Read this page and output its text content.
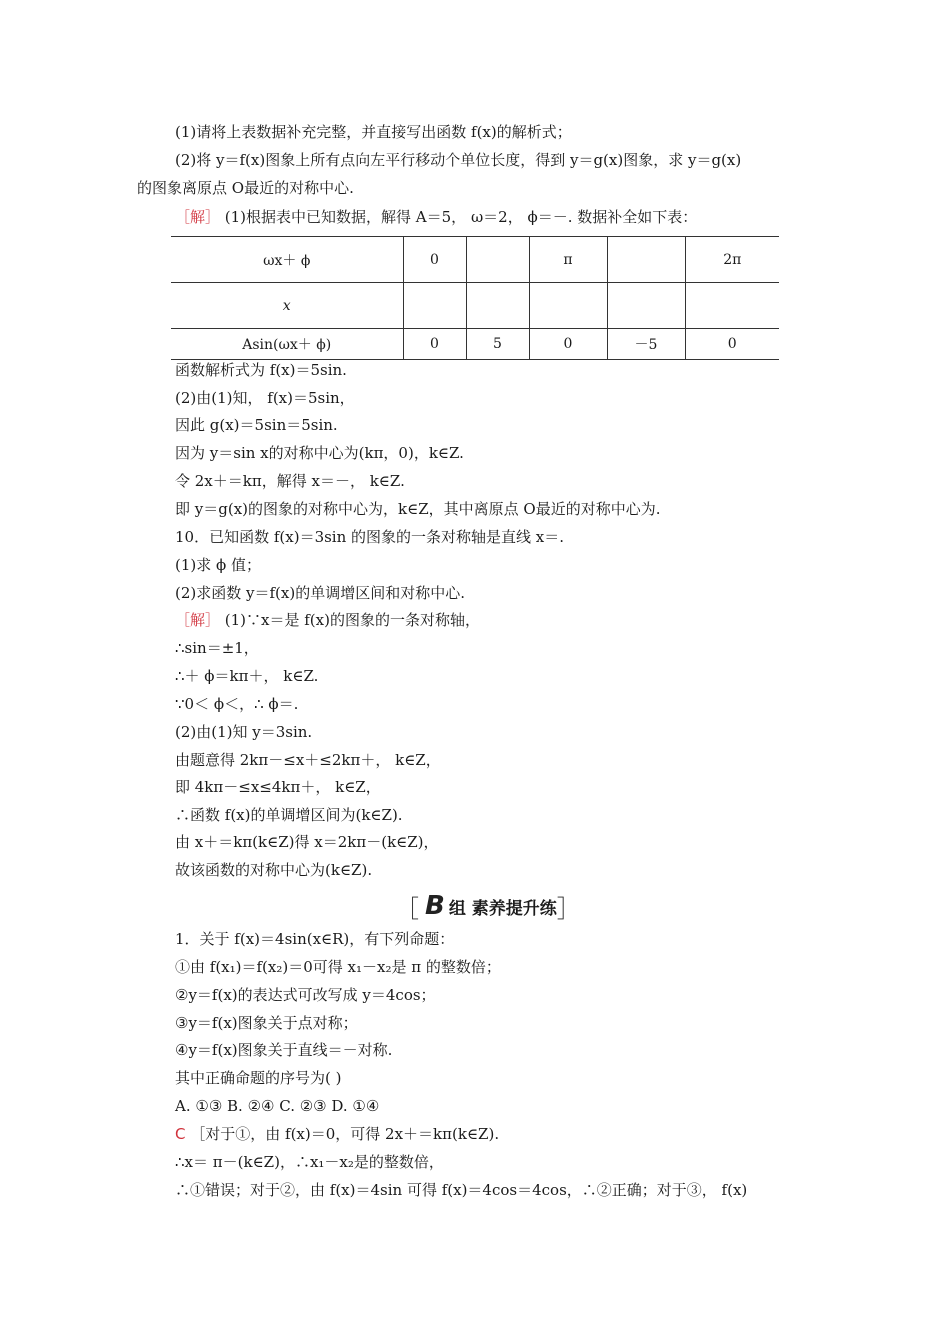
(1)请将上表数据补充完整，并直接写出函数 f(x)的解析式；
(2)将 y＝f(x)图象上所有点向左平行移动个单位长度，得到 y＝g(x)图象，求 y＝g(x)
的图象离原点 O最近的对称中心.
［解］ (1)根据表中已知数据，解得 A＝5， ω＝2， ϕ＝－. 数据补全如下表：
ωx＋ ϕ	0		π		2π
x					
Asin(ωx＋ ϕ)	0	5	0	－5	0
函数解析式为 f(x)＝5sin.
(2)由(1)知， f(x)＝5sin，
因此 g(x)＝5sin＝5sin.
因为 y＝sin x的对称中心为(kπ，0)，k∈Z.
令 2x＋＝kπ，解得 x＝－， k∈Z.
即 y＝g(x)的图象的对称中心为，k∈Z，其中离原点 O最近的对称中心为.
10．已知函数 f(x)＝3sin 的图象的一条对称轴是直线 x＝.
(1)求 ϕ 值；
(2)求函数 y＝f(x)的单调增区间和对称中心.
［解］ (1)∵x＝是 f(x)的图象的一条对称轴，
∴sin＝±1，
∴＋ ϕ＝kπ＋， k∈Z.
∵0＜ ϕ＜，∴ ϕ＝.
(2)由(1)知 y＝3sin.
由题意得 2kπ－≤x＋≤2kπ＋， k∈Z，
即 4kπ－≤x≤4kπ＋， k∈Z，
∴函数 f(x)的单调增区间为(k∈Z).
由 x＋＝kπ(k∈Z)得 x＝2kπ－(k∈Z)，
故该函数的对称中心为(k∈Z).
［ B 组 素养提升练 ］
1．关于 f(x)＝4sin(x∈R)，有下列命题：
①由 f(x₁)＝f(x₂)＝0可得 x₁－x₂是 π 的整数倍；
②y＝f(x)的表达式可改写成 y＝4cos；
③y＝f(x)图象关于点对称；
④y＝f(x)图象关于直线＝－对称.
其中正确命题的序号为( )
A. ①③ B. ②④ C. ②③ D. ①④
C ［对于①，由 f(x)＝0，可得 2x＋＝kπ(k∈Z).
∴x＝ π－(k∈Z)，∴x₁－x₂是的整数倍，
∴①错误；对于②，由 f(x)＝4sin 可得 f(x)＝4cos＝4cos，∴②正确；对于③， f(x)
